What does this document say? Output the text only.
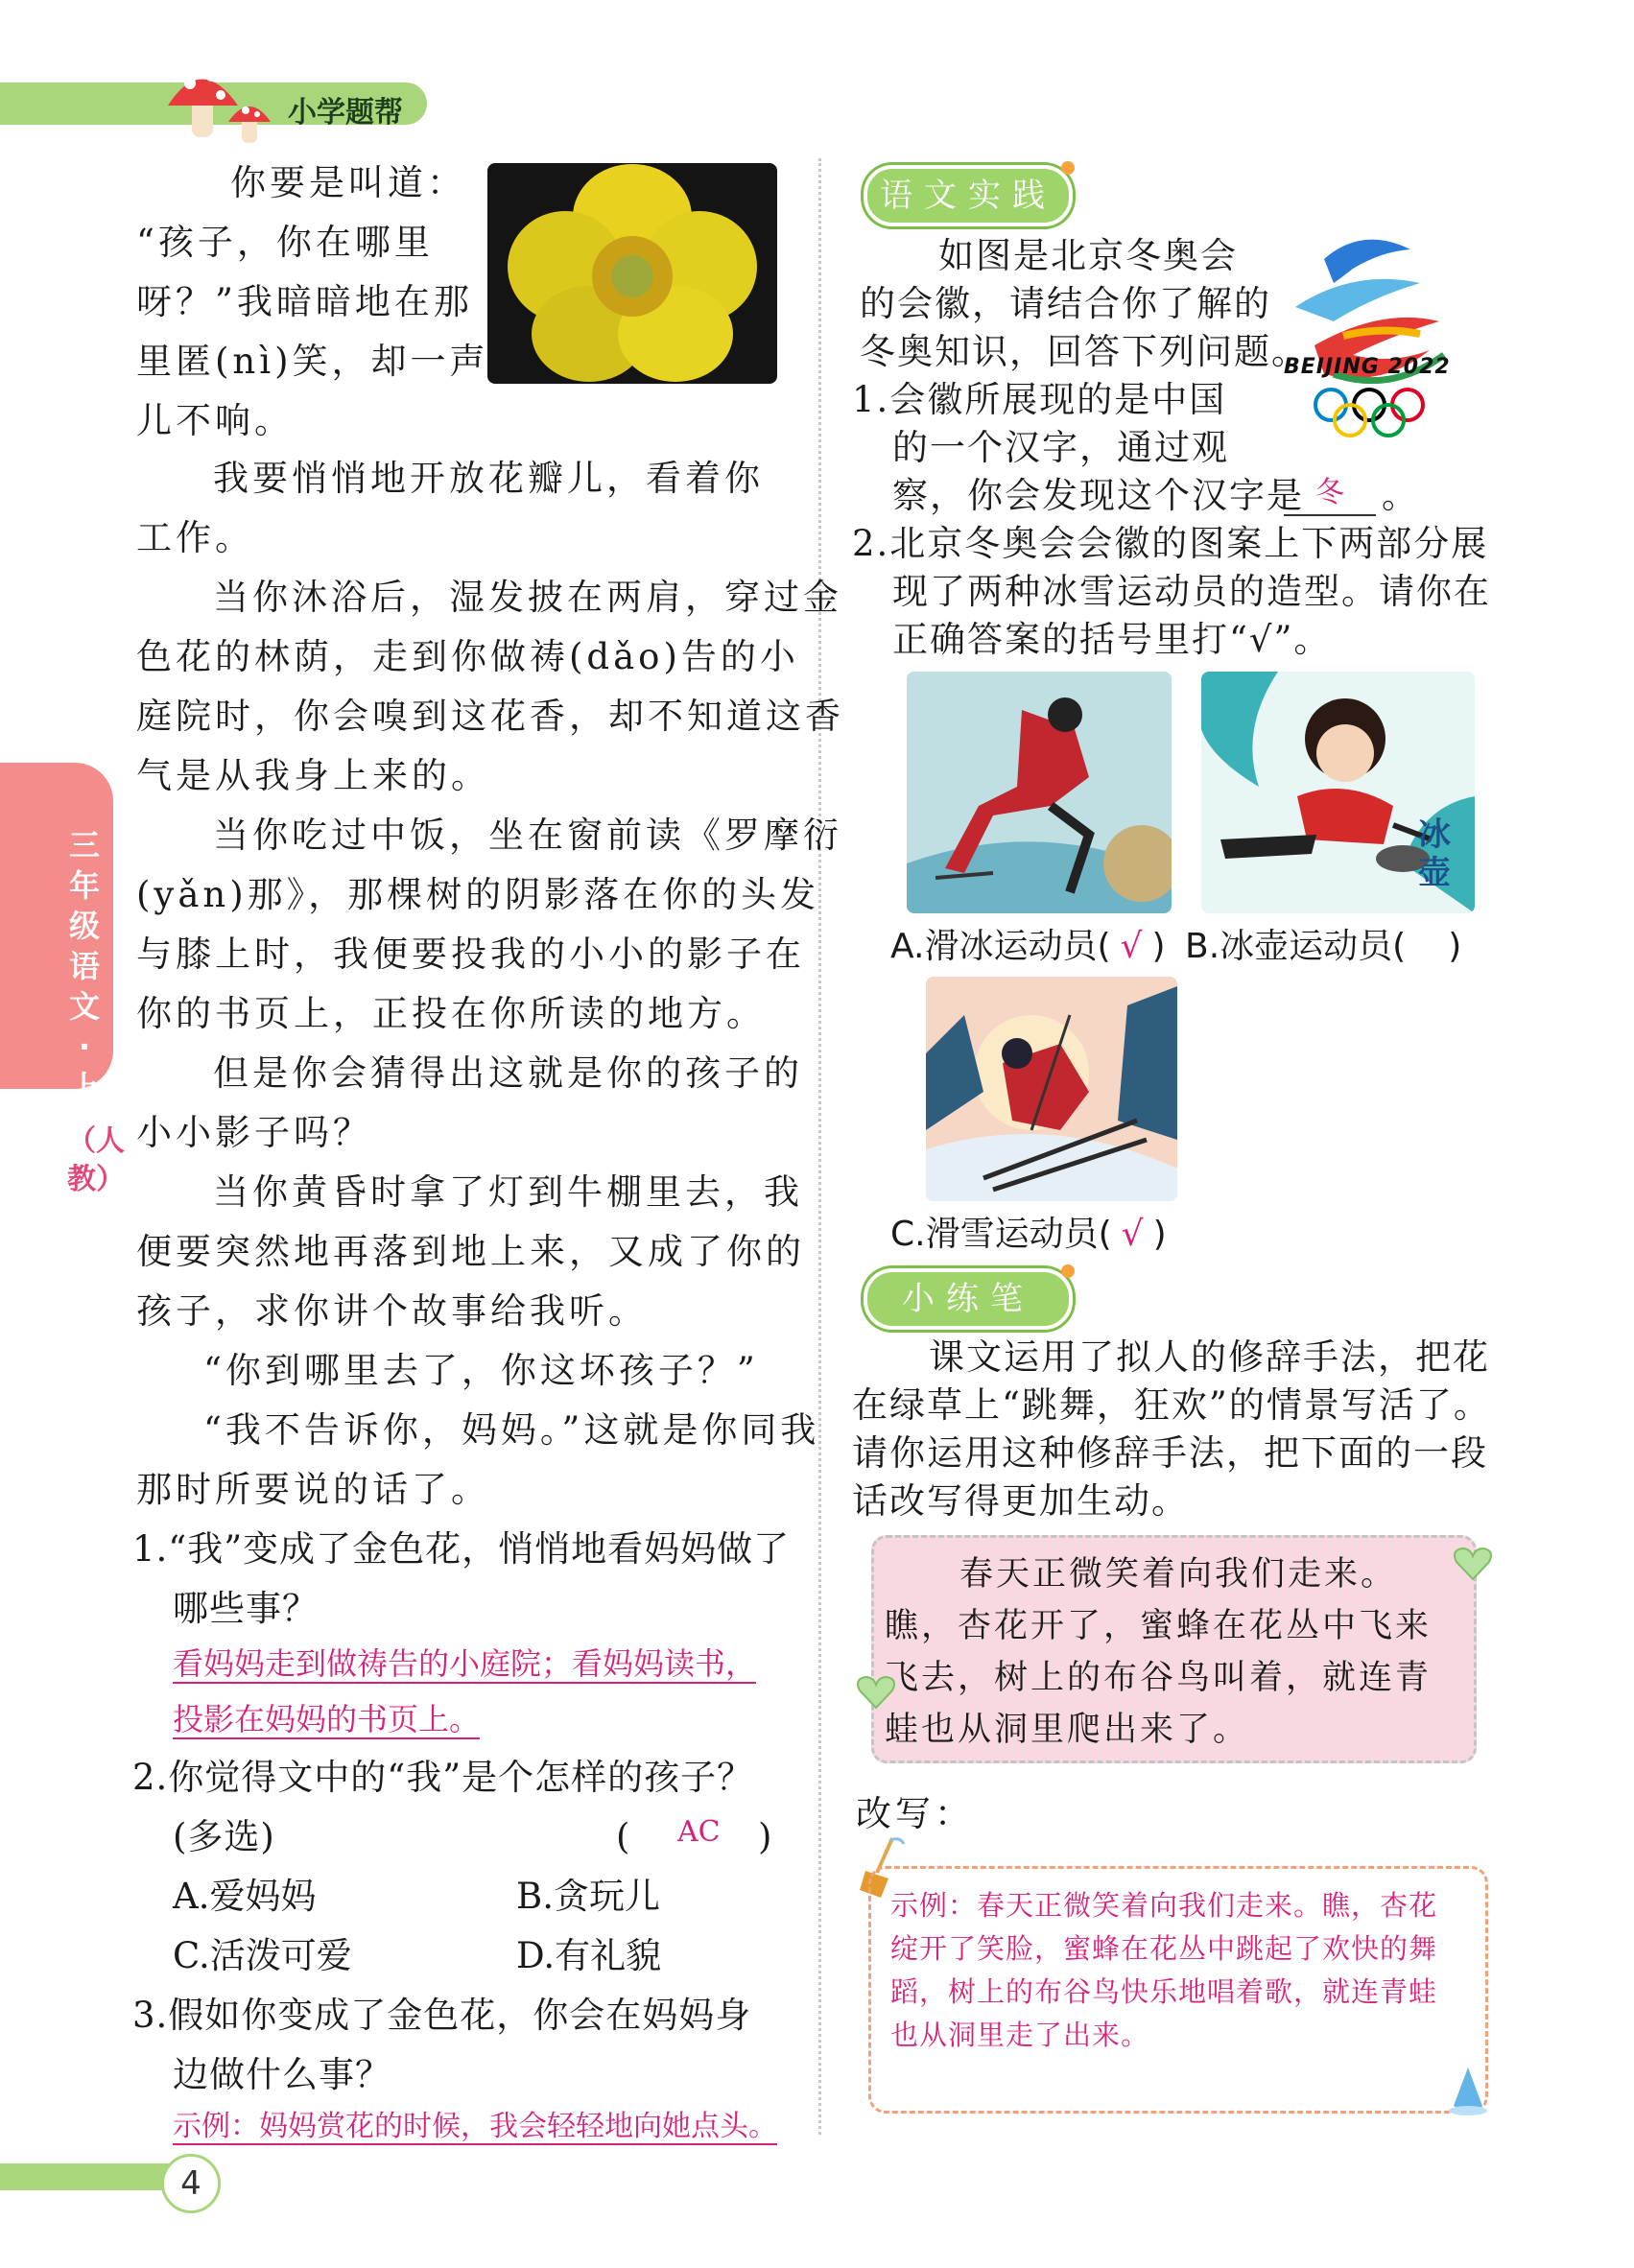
小学题帮
三年级语文·上
（人教）
你要是叫道：
“孩子，你在哪里
呀？”我暗暗地在那
里匿(nì)笑，却一声
儿不响。
我要悄悄地开放花瓣儿，看着你
工作。
当你沐浴后，湿发披在两肩，穿过金
色花的林荫，走到你做祷(dǎo)告的小
庭院时，你会嗅到这花香，却不知道这香
气是从我身上来的。
当你吃过中饭，坐在窗前读《罗摩衍
(yǎn)那》，那棵树的阴影落在你的头发
与膝上时，我便要投我的小小的影子在
你的书页上，正投在你所读的地方。
但是你会猜得出这就是你的孩子的
小小影子吗？
当你黄昏时拿了灯到牛棚里去，我
便要突然地再落到地上来，又成了你的
孩子，求你讲个故事给我听。
“你到哪里去了，你这坏孩子？”
“我不告诉你，妈妈。”这就是你同我
那时所要说的话了。
1.“我”变成了金色花，悄悄地看妈妈做了
哪些事？
看妈妈走到做祷告的小庭院；看妈妈读书，
投影在妈妈的书页上。
2.你觉得文中的“我”是个怎样的孩子？
(多选)	( AC )
A.爱妈妈	B.贪玩儿
C.活泼可爱	D.有礼貌
3.假如你变成了金色花，你会在妈妈身
边做什么事？
示例：妈妈赏花的时候，我会轻轻地向她点头。
语文实践
如图是北京冬奥会
的会徽，请结合你了解的
冬奥知识，回答下列问题。
BEIJING 2022
1.会徽所展现的是中国
的一个汉字，通过观
察，你会发现这个汉字是 冬	。
2.北京冬奥会会徽的图案上下两部分展
现了两种冰雪运动员的造型。请你在
正确答案的括号里打“√”。
冰壶
A.滑冰运动员( √ ) B.冰壶运动员( )
C.滑雪运动员( √ )
小练笔
课文运用了拟人的修辞手法，把花
在绿草上“跳舞，狂欢”的情景写活了。
请你运用这种修辞手法，把下面的一段
话改写得更加生动。
春天正微笑着向我们走来。
瞧，杏花开了，蜜蜂在花丛中飞来
飞去，树上的布谷鸟叫着，就连青
蛙也从洞里爬出来了。
改写：
示例：春天正微笑着向我们走来。瞧，杏花
绽开了笑脸，蜜蜂在花丛中跳起了欢快的舞
蹈，树上的布谷鸟快乐地唱着歌，就连青蛙
也从洞里走了出来。
4
